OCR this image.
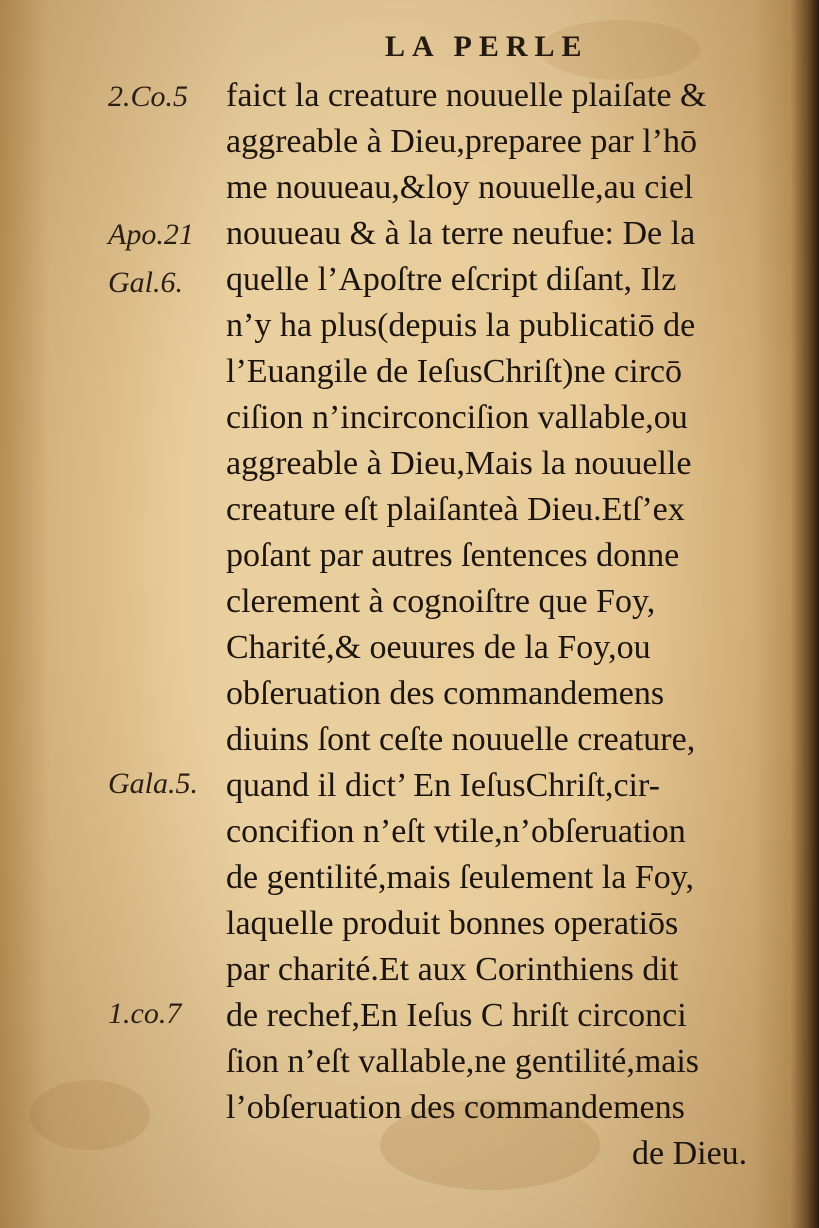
LA PERLE
2.Co.5
Apo.21
Gal.6.
Gala.5.
1.co.7
faict la creature nouuelle plaiſate &
aggreable à Dieu,preparee par l’hō
me nouueau,&loy nouuelle,au ciel
nouueau & à la terre neufue: De la
quelle l’Apoſtre eſcript diſant, Ilz
n’y ha plus(depuis la publicatiō de
l’Euangile de IeſusChriſt)ne circō
ciſion n’incirconciſion vallable,ou
aggreable à Dieu,Mais la nouuelle
creature eſt plaiſanteà Dieu.Etſ’ex
poſant par autres ſentences donne
clerement à cognoiſtre que Foy,
Charité,& oeuures de la Foy,ou
obſeruation des commandemens
diuins ſont ceſte nouuelle creature,
quand il dict’ En IeſusChriſt,cir-
concifion n’eſt vtile,n’obſeruation
de gentilité,mais ſeulement la Foy,
laquelle produit bonnes operatiōs
par charité.Et aux Corinthiens dit
de rechef,En Ieſus C hriſt circonci
ſion n’eſt vallable,ne gentilité,mais
l’obſeruation des commandemens
de Dieu.
